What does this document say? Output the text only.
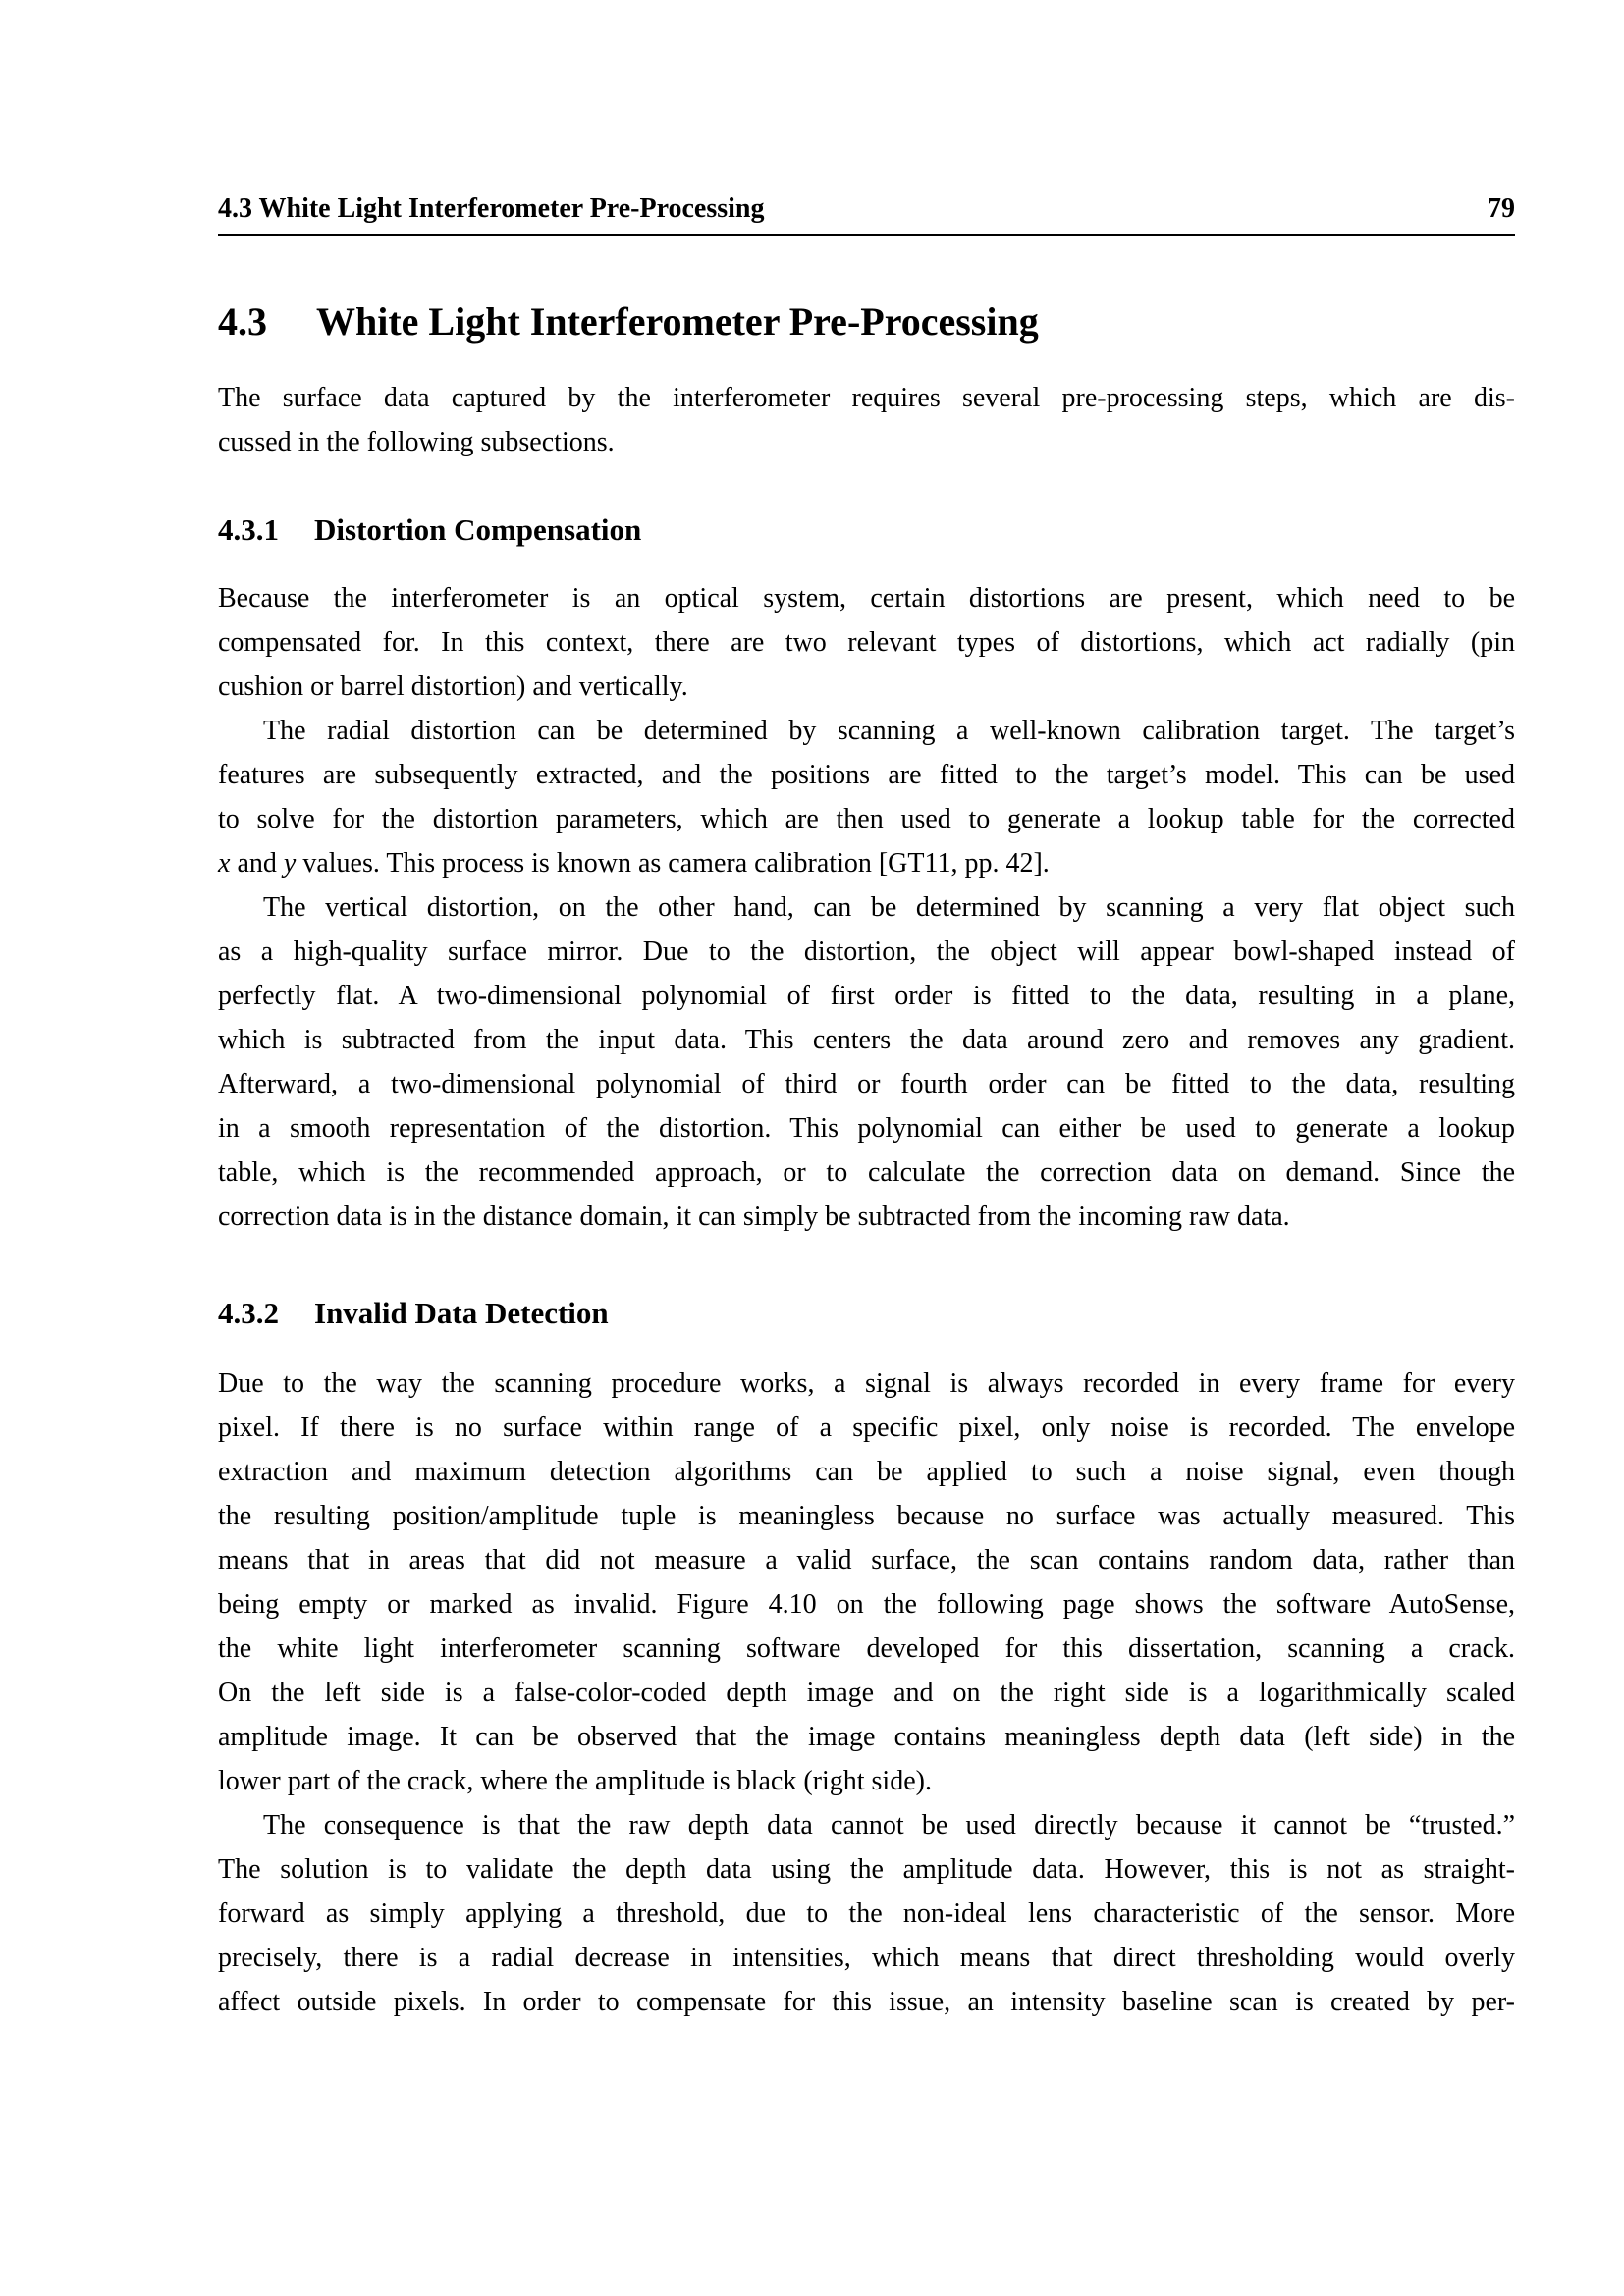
4.3 White Light Interferometer Pre-Processing	79
4.3 White Light Interferometer Pre-Processing
The surface data captured by the interferometer requires several pre-processing steps, which are dis-
cussed in the following subsections.
4.3.1 Distortion Compensation
Because the interferometer is an optical system, certain distortions are present, which need to be
compensated for. In this context, there are two relevant types of distortions, which act radially (pin
cushion or barrel distortion) and vertically.
The radial distortion can be determined by scanning a well-known calibration target. The target’s
features are subsequently extracted, and the positions are fitted to the target’s model. This can be used
to solve for the distortion parameters, which are then used to generate a lookup table for the corrected
x and y values. This process is known as camera calibration [GT11, pp. 42].
The vertical distortion, on the other hand, can be determined by scanning a very flat object such
as a high-quality surface mirror. Due to the distortion, the object will appear bowl-shaped instead of
perfectly flat. A two-dimensional polynomial of first order is fitted to the data, resulting in a plane,
which is subtracted from the input data. This centers the data around zero and removes any gradient.
Afterward, a two-dimensional polynomial of third or fourth order can be fitted to the data, resulting
in a smooth representation of the distortion. This polynomial can either be used to generate a lookup
table, which is the recommended approach, or to calculate the correction data on demand. Since the
correction data is in the distance domain, it can simply be subtracted from the incoming raw data.
4.3.2 Invalid Data Detection
Due to the way the scanning procedure works, a signal is always recorded in every frame for every
pixel. If there is no surface within range of a specific pixel, only noise is recorded. The envelope
extraction and maximum detection algorithms can be applied to such a noise signal, even though
the resulting position/amplitude tuple is meaningless because no surface was actually measured. This
means that in areas that did not measure a valid surface, the scan contains random data, rather than
being empty or marked as invalid. Figure 4.10 on the following page shows the software AutoSense,
the white light interferometer scanning software developed for this dissertation, scanning a crack.
On the left side is a false-color-coded depth image and on the right side is a logarithmically scaled
amplitude image. It can be observed that the image contains meaningless depth data (left side) in the
lower part of the crack, where the amplitude is black (right side).
The consequence is that the raw depth data cannot be used directly because it cannot be “trusted.”
The solution is to validate the depth data using the amplitude data. However, this is not as straight-
forward as simply applying a threshold, due to the non-ideal lens characteristic of the sensor. More
precisely, there is a radial decrease in intensities, which means that direct thresholding would overly
affect outside pixels. In order to compensate for this issue, an intensity baseline scan is created by per-
